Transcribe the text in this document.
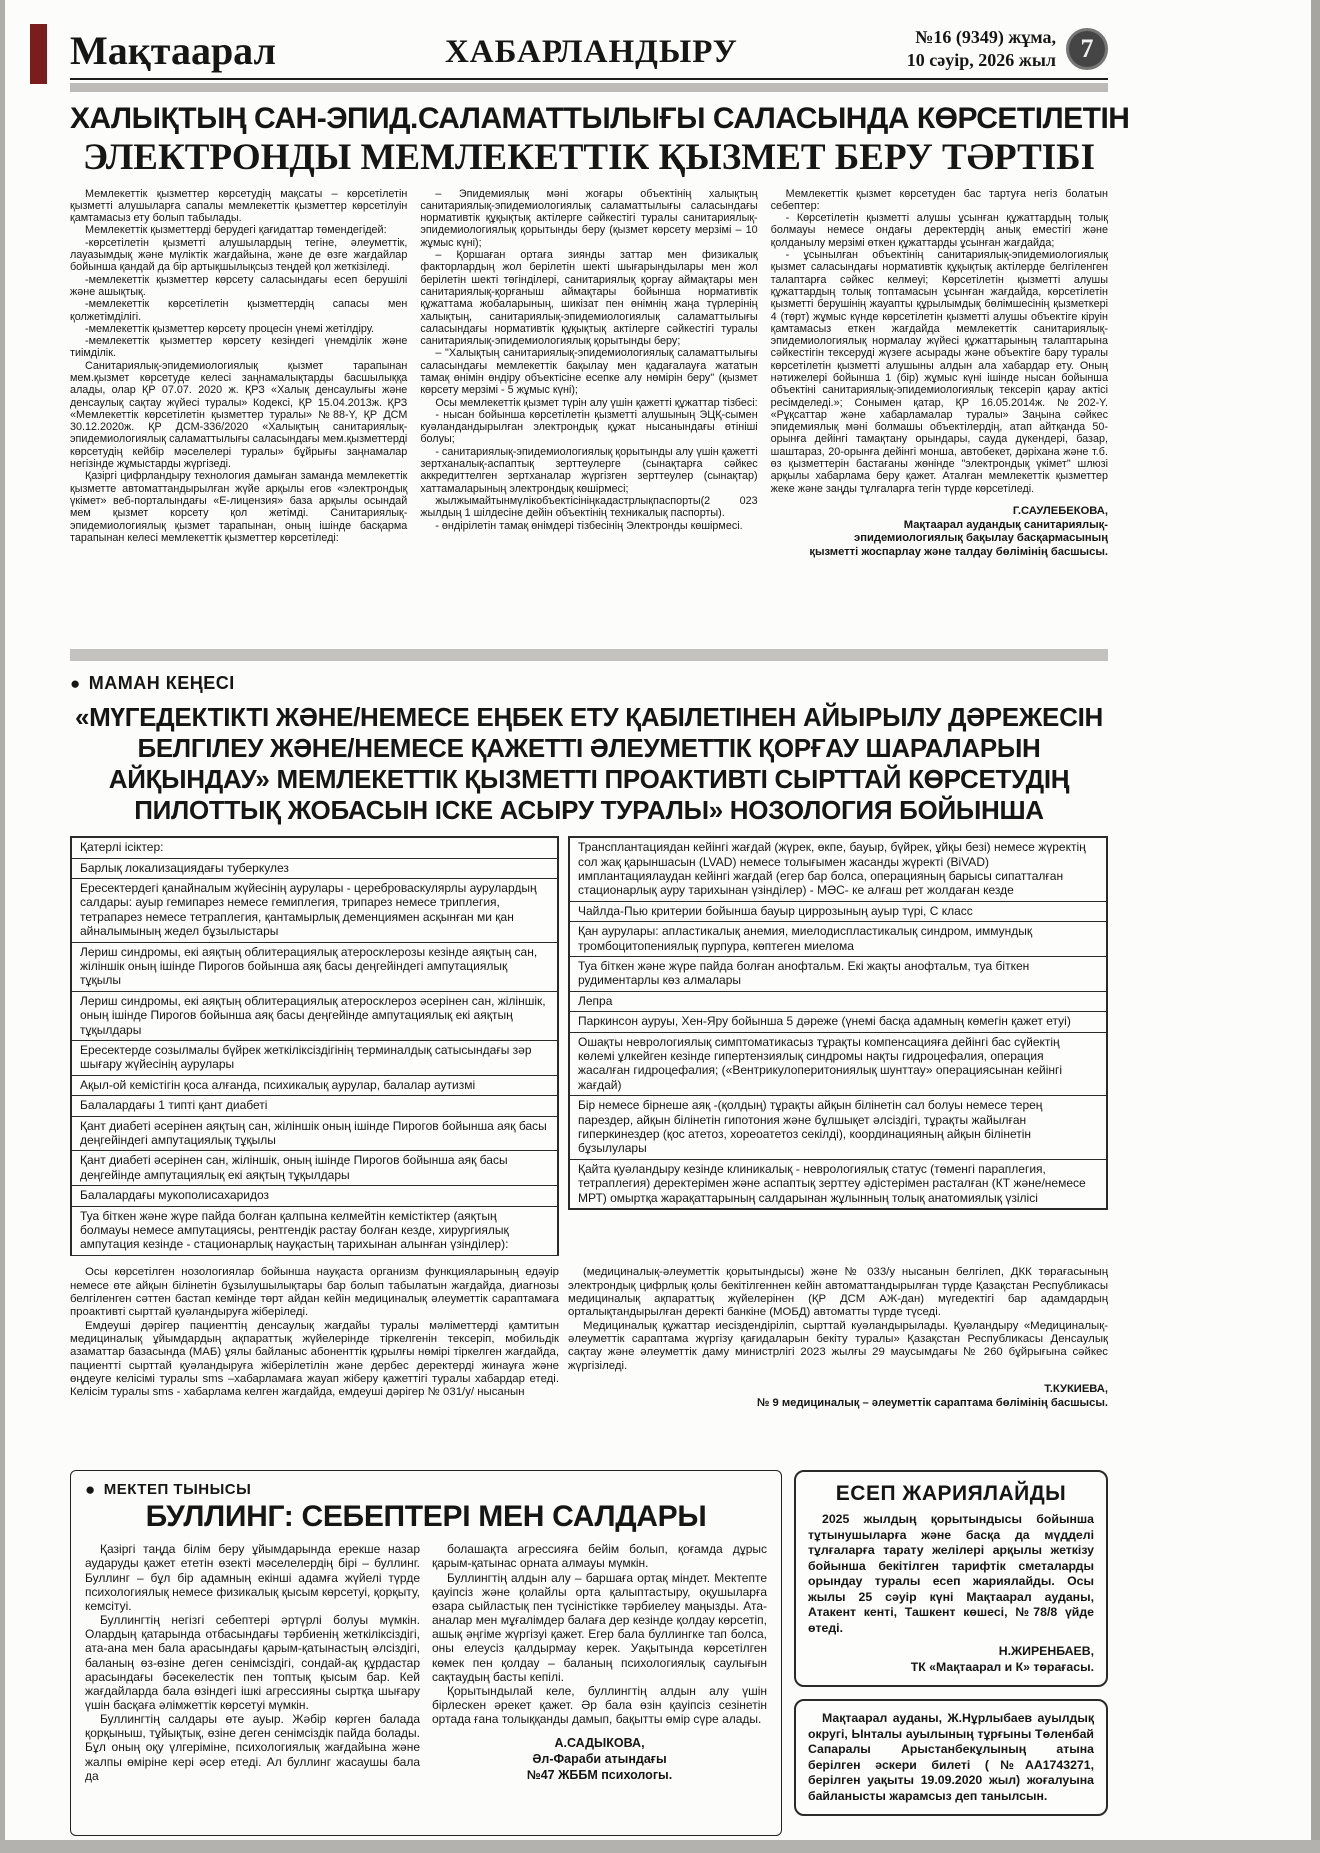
Мақтаарал	ХАБАРЛАНДЫРУ	№16 (9349) жұма,
10 сәуір, 2026 жыл 7
ХАЛЫҚТЫҢ САН-ЭПИД.САЛАМАТТЫЛЫҒЫ САЛАСЫНДА КӨРСЕТІЛЕТІН
ЭЛЕКТРОНДЫ МЕМЛЕКЕТТІК ҚЫЗМЕТ БЕРУ ТӘРТІБІ

Мемлекеттік қызметтер көрсетудің мақсаты – көрсетілетін қызметті алушыларға сапалы мемлекеттік қызметтер көрсетілуін қамтамасыз ету болып табылады.

Мемлекеттік қызметтерді берудегі қағидаттар төмендегідей:

-көрсетілетін қызметті алушылардың тегіне, әлеуметтік, лауазымдық және мүліктік жағдайына, және де өзге жағдайлар бойынша қандай да бір артықшылықсыз теңдей қол жеткізіледі.

-мемлекеттік қызметтер көрсету саласындағы есеп берушілі және ашықтық.

-мемлекеттік көрсетілетін қызметтердің сапасы мен қолжетімділігі.

-мемлекеттік қызметтер көрсету процесін үнемі жетілдіру.

-мемлекеттік қызметтер көрсету кезіндегі үнемділік және тиімділік.

Санитариялық-эпидемиологиялық қызмет тарапынан мем.қызмет көрсетуде келесі заңнамалықтарды басшылыққа алады, олар ҚР 07.07. 2020 ж. ҚРЗ «Халық денсаулығы және денсаулық сақтау жүйесі туралы» Кодексі, ҚР 15.04.2013ж. ҚРЗ «Мемлекеттік көрсетілетін қызметтер туралы» №88-Y, ҚР ДСМ 30.12.2020ж. ҚР ДСМ-336/2020 «Халықтың санитариялық-эпидемиологиялық саламаттылығы саласындағы мем.қызметтерді көрсетудің кейбір мәселелері туралы» бұйрығы заңнамалар негізінде жұмыстарды жүргізеді.

Қазіргі цифрландыру технология дамыған заманда мемлекеттік қызметте автоматтандырылған жүйе арқылы егов «электрондық үкімет» веб-порталындағы «Е-лицензия» база арқылы осындай мем қызмет корсету қол жетімді. Санитариялық-эпидемиологиялық қызмет тарапынан, оның ішінде басқарма тарапынан келесі мемлекеттік қызметтер көрсетіледі:

– Эпидемиялық мәні жоғары объектінің халықтың санитариялық-эпидемиологиялық саламаттылығы саласындағы нормативтік құқықтық актілерге сәйкестігі туралы санитариялық-эпидемиологиялық қорытынды беру (қызмет көрсету мерзімі – 10 жұмыс күні);

– Қоршаған ортаға зиянды заттар мен физикалық факторлардың жол берілетін шекті шығарындылары мен жол берілетін шекті төгінділері, санитариялық қорғау аймақтары мен санитариялық-қорғаныш аймақтары бойынша нормативтік құжаттама жобаларының, шикізат пен өнімнің жаңа түрлерінің халықтың, санитариялық-эпидемиологиялық саламаттылығы саласындағы нормативтік құқықтық актілерге сәйкестігі туралы санитариялық-эпидемиологиялық қорытынды беру;

– "Халықтың санитариялық-эпидемиологиялық саламаттылығы саласындағы мемлекеттік бақылау мен қадағалауға жататын тамақ өнімін өндіру объектісіне есепке алу нөмірін беру" (қызмет көрсету мерзімі - 5 жұмыс күні);

Осы мемлекеттік қызмет түрін алу үшін қажетті құжаттар тізбесі:

- нысан бойынша көрсетілетін қызметті алушының ЭЦҚ-сымен куәландандырылған электрондық құжат нысанындағы өтініші болуы;

- санитариялық-эпидемиологиялық қорытынды алу үшін қажетті зертханалық-аспаптық зерттеулерге (сынақтарға сәйкес аккредиттелген зертханалар жүргізген зерттеулер (сынақтар) хаттамаларының электрондық көшірмесі;

жылжымайтынмүлікобъектісініңкадастрлықпаспорты(2 023 жылдың 1 шілдесіне дейін объектінің техникалық паспорты).

- өндірілетін тамақ өнімдері тізбесінің Электронды көшірмесі.

Мемлекеттік қызмет көрсетуден бас тартуға негіз болатын себептер:

- Көрсетілетін қызметті алушы ұсынған құжаттардың толық болмауы немесе ондағы деректердің анық еместігі және қолданылу мерзімі өткен құжаттарды ұсынған жағдайда;

- ұсынылған объектінің санитариялық-эпидемиологиялық қызмет саласындағы нормативтік құқықтық актілерде белгіленген талаптарға сәйкес келмеуі; Көрсетілетін қызметті алушы құжаттардың толық топтамасын ұсынған жағдайда, көрсетілетін қызметті берушінің жауапты құрылымдық бөлімшесінің қызметкері 4 (төрт) жұмыс күнде көрсетілетін қызметті алушы объектіге кіруін қамтамасыз еткен жағдайда мемлекеттік санитариялық-эпидемиологиялық нормалау жүйесі құжаттарының талаптарына сәйкестігін тексеруді жүзеге асырады және объектіге бару туралы көрсетілетін қызметті алушыны алдын ала хабардар ету. Оның нәтижелері бойынша 1 (бір) жұмыс күні ішінде нысан бойынша объектіні санитариялық-эпидемиологиялық тексеріп қарау актісі ресімделеді.»; Сонымен қатар, ҚР 16.05.2014ж. №202-Y. «Рұқсаттар және хабарламалар туралы» Заңына сәйкес эпидемиялық мәні болмашы объектілердің, атап айтқанда 50-орынға дейінгі тамақтану орындары, сауда дүкендері, базар, шаштараз, 20-орынға дейінгі монша, автобекет, дәріхана және т.б. өз қызметтерін бастағаны жөнінде "электрондық үкімет" шлюзі арқылы хабарлама беру қажет. Аталған мемлекеттік қызметтер жеке және заңды тұлғаларға тегін түрде көрсетіледі.

Г.САУЛЕБЕКОВА,
Мақтаарал аудандық санитариялық-
эпидемиологиялық бақылау басқармасының
қызметті жоспарлау және талдау бөлімінің басшысы.
● МАМАН КЕҢЕСІ
«МҮГЕДЕКТІКТІ ЖӘНЕ/НЕМЕСЕ ЕҢБЕК ЕТУ ҚАБІЛЕТІНЕН АЙЫРЫЛУ ДӘРЕЖЕСІН
БЕЛГІЛЕУ ЖӘНЕ/НЕМЕСЕ ҚАЖЕТТІ ӘЛЕУМЕТТІК ҚОРҒАУ ШАРАЛАРЫН
АЙҚЫНДАУ» МЕМЛЕКЕТТІК ҚЫЗМЕТТІ ПРОАКТИВТІ СЫРТТАЙ КӨРСЕТУДІҢ
ПИЛОТТЫҚ ЖОБАСЫН ІСКЕ АСЫРУ ТУРАЛЫ» НОЗОЛОГИЯ БОЙЫНША
Қатерлі ісіктер:
Барлық локализациядағы туберкулез
Ересектердегі қанайналым жүйесінің аурулары - цереброваскулярлы аурулардың салдары: ауыр гемипарез немесе гемиплегия, трипарез немесе триплегия, тетрапарез немесе тетраплегия, қантамырлық деменциямен асқынған ми қан айналымының жедел бұзылыстары
Лериш синдромы, екі аяқтың облитерациялық атеросклерозы кезінде аяқтың сан, жіліншік оның ішінде Пирогов бойынша аяқ басы деңгейіндегі ампутациялық тұқылы
Лериш синдромы, екі аяқтың облитерациялық атеросклероз әсерінен сан, жіліншік, оның ішінде Пирогов бойынша аяқ басы деңгейінде ампутациялық екі аяқтың тұқылдары
Ересектерде созылмалы бүйрек жеткіліксіздігінің терминалдық сатысындағы зәр шығару жүйесінің аурулары
Ақыл-ой кемістігін қоса алғанда, психикалық аурулар, балалар аутизмі
Балалардағы 1 типті қант диабеті
Қант диабеті әсерінен аяқтың сан, жіліншік оның ішінде Пирогов бойынша аяқ басы деңгейіндегі ампутациялық тұқылы
Қант диабеті әсерінен сан, жіліншік, оның ішінде Пирогов бойынша аяқ басы деңгейінде ампутациялық екі аяқтың тұқылдары
Балалардағы мукополисахаридоз
Туа біткен және жүре пайда болған қалпына келмейтін кемістіктер (аяқтың болмауы немесе ампутациясы, рентгендік растау болған кезде, хирургиялық ампутация кезінде - стационарлық науқастың тарихынан алынған үзінділер):
Трансплантациядан кейінгі жағдай (жүрек, өкпе, бауыр, бүйрек, ұйқы безі) немесе жүректің сол жақ қарыншасын (LVAD) немесе толығымен жасанды жүректі (BiVAD) имплантациялаудан кейінгі жағдай (егер бар болса, операцияның барысы сипатталған стационарлық ауру тарихынан үзінділер) - МӘС- ке алғаш рет жолдаған кезде
Чайлда-Пью критерии бойынша бауыр циррозының ауыр түрі, С класс
Қан аурулары: апластикалық анемия, миелодиспластикалық синдром, иммундық тромбоцитопениялық пурпура, көптеген миелома
Туа біткен және жүре пайда болған анофтальм. Екі жақты анофтальм, туа біткен рудиментарлы көз алмалары
Лепра
Паркинсон ауруы, Хен-Яру бойынша 5 дәреже (үнемі басқа адамның көмегін қажет етуі)
Ошақты неврологиялық симптоматикасыз тұрақты компенсацияға дейінгі бас сүйектің көлемі ұлкейген кезінде гипертензиялық синдромы нақты гидроцефалия, операция жасалған гидроцефалия; («Вентрикулоперитониялық шунттау» операциясынан кейінгі жағдай)
Бір немесе бірнеше аяқ -(қолдың) тұрақты айқын білінетін сал болуы немесе терең парездер, айқын білінетін гипотония және бұлшықет әлсіздігі, тұрақты жайылған гиперкинездер (қос атетоз, хореоатетоз секілді), координацияның айқын білінетін бұзылулары
Қайта қуәландыру кезінде клиникалық - неврологиялық статус (төменгі параплегия, тетраплегия) деректерімен және аспаптық зерттеу әдістерімен расталған (КТ және/немесе МРТ) омыртқа жарақаттарының салдарынан жұлынның толық анатомиялық үзілісі

Осы көрсетілген нозологиялар бойынша науқаста организм функцияларының едәуір немесе өте айқын білінетін бұзылушылықтары бар болып табылатын жағдайда, диагнозы белгіленген сәттен бастап кемінде төрт айдан кейін медициналық әлеуметтік сараптамаға проактивті сырттай қуәландыруға жіберіледі.

Емдеуші дәрігер пациенттің денсаулық жағдайы туралы мәліметтерді қамтитын медициналық ұйымдардың ақпараттық жүйелерінде тіркелгенін тексеріп, мобильдік азаматтар базасында (МАБ) ұялы байланыс абоненттік құрылғы нөмірі тіркелген жағдайда, пациентті сырттай қуәландыруға жіберілетілін және дербес деректерді жинауға және өңдеуге келісімі туралы sms –хабарламаға жауап жіберу қажеттігі туралы хабардар етеді. Келісім туралы sms - хабарлама келген жағдайда, емдеуші дәрігер № 031/у/ нысанын

(медициналық-әлеуметтік қорытындысы) және № 033/у нысанын белгілеп, ДКК төрағасының электрондық цифрлық қолы бекітілгеннен кейін автоматтандырылған түрде Қазақстан Республикасы медициналық ақпараттық жүйелерінен (ҚР ДСМ АЖ-дан) мүгедектігі бар адамдардың орталықтандырылған деректі банкіне (МОБД) автоматты түрде түседі.

Медициналық құжаттар иесіздендіріліп, сырттай куәландырылады. Қуәландыру «Медициналық-әлеуметтік сараптама жүргізу қағидаларын бекіту туралы» Қазақстан Республикасы Денсаулық сақтау және әлеуметтік даму министрлігі 2023 жылғы 29 маусымдағы № 260 бұйрығына сәйкес жүргізіледі.

Т.КУКИЕВА,
№ 9 медициналық – әлеуметтік сараптама бөлімінің басшысы.
● МЕКТЕП ТЫНЫСЫ
БУЛЛИНГ: СЕБЕПТЕРІ МЕН САЛДАРЫ

Қазіргі таңда білім беру ұйымдарында ерекше назар аударуды қажет ететін өзекті мәселелердің бірі – буллинг. Буллинг – бұл бір адамның екінші адамға жүйелі түрде психологиялық немесе физикалық қысым көрсетуі, қорқыту, кемсітуі.

Буллингтің негізгі себептері әртүрлі болуы мүмкін. Олардың қатарында отбасындағы тәрбиенің жеткіліксіздігі, ата-ана мен бала арасындағы қарым-қатынастың әлсіздігі, баланың өз-өзіне деген сенімсіздігі, сондай-ақ құрдастар арасындағы бәсекелестік пен топтық қысым бар. Кей жағдайларда бала өзіндегі ішкі агрессияны сыртқа шығару үшін басқаға әлімжеттік көрсетуі мүмкін.

Буллингтің салдары өте ауыр. Жәбір көрген балада қорқыныш, тұйықтық, өзіне деген сенімсіздік пайда болады. Бұл оның оқу үлгеріміне, психологиялық жағдайына және жалпы өміріне кері әсер етеді. Ал буллинг жасаушы бала да

болашақта агрессияға бейім болып, қоғамда дұрыс қарым-қатынас орната алмауы мүмкін.

Буллингтің алдын алу – баршаға ортақ міндет. Мектепте қауіпсіз және қолайлы орта қалыптастыру, оқушыларға өзара сыйластық пен түсіністікке тәрбиелеу маңызды. Ата-аналар мен мұғалімдер балаға дер кезінде қолдау көрсетіп, ашық әңгіме жүргізуі қажет. Егер бала буллингке тап болса, оны елеусіз қалдырмау керек. Уақытында көрсетілген көмек пен қолдау – баланың психологиялық саулығын сақтаудың басты кепілі.

Қорытындылай келе, буллингтің алдын алу үшін бірлескен әрекет қажет. Әр бала өзін қауіпсіз сезінетін ортада ғана толыққанды дамып, бақытты өмір сүре алады.

А.САДЫКОВА,
Әл-Фараби атындағы
№47 ЖББМ психологы.
ЕСЕП ЖАРИЯЛАЙДЫ
2025 жылдың қорытындысы бойынша тұтынушыларға және басқа да мүдделі тұлғаларға тарату желілері арқылы жеткізу бойынша бекітілген тарифтік сметаларды орындау туралы есеп жариялайды. Осы жылы 25 сәуір күні Мақтаарал ауданы, Атакент кенті, Ташкент көшесі, №78/8 үйде өтеді.
Н.ЖИРЕНБАЕВ,
ТК «Мақтаарал и К» төрағасы.
Мақтаарал ауданы, Ж.Нұрлыбаев ауылдық округі, Ынталы ауылының тұрғыны Төленбай Сапаралы Арыстанбекұлының атына берілген әскери билеті (№АА1743271, берілген уақыты 19.09.2020 жыл) жоғалуына байланысты жарамсыз деп танылсын.
